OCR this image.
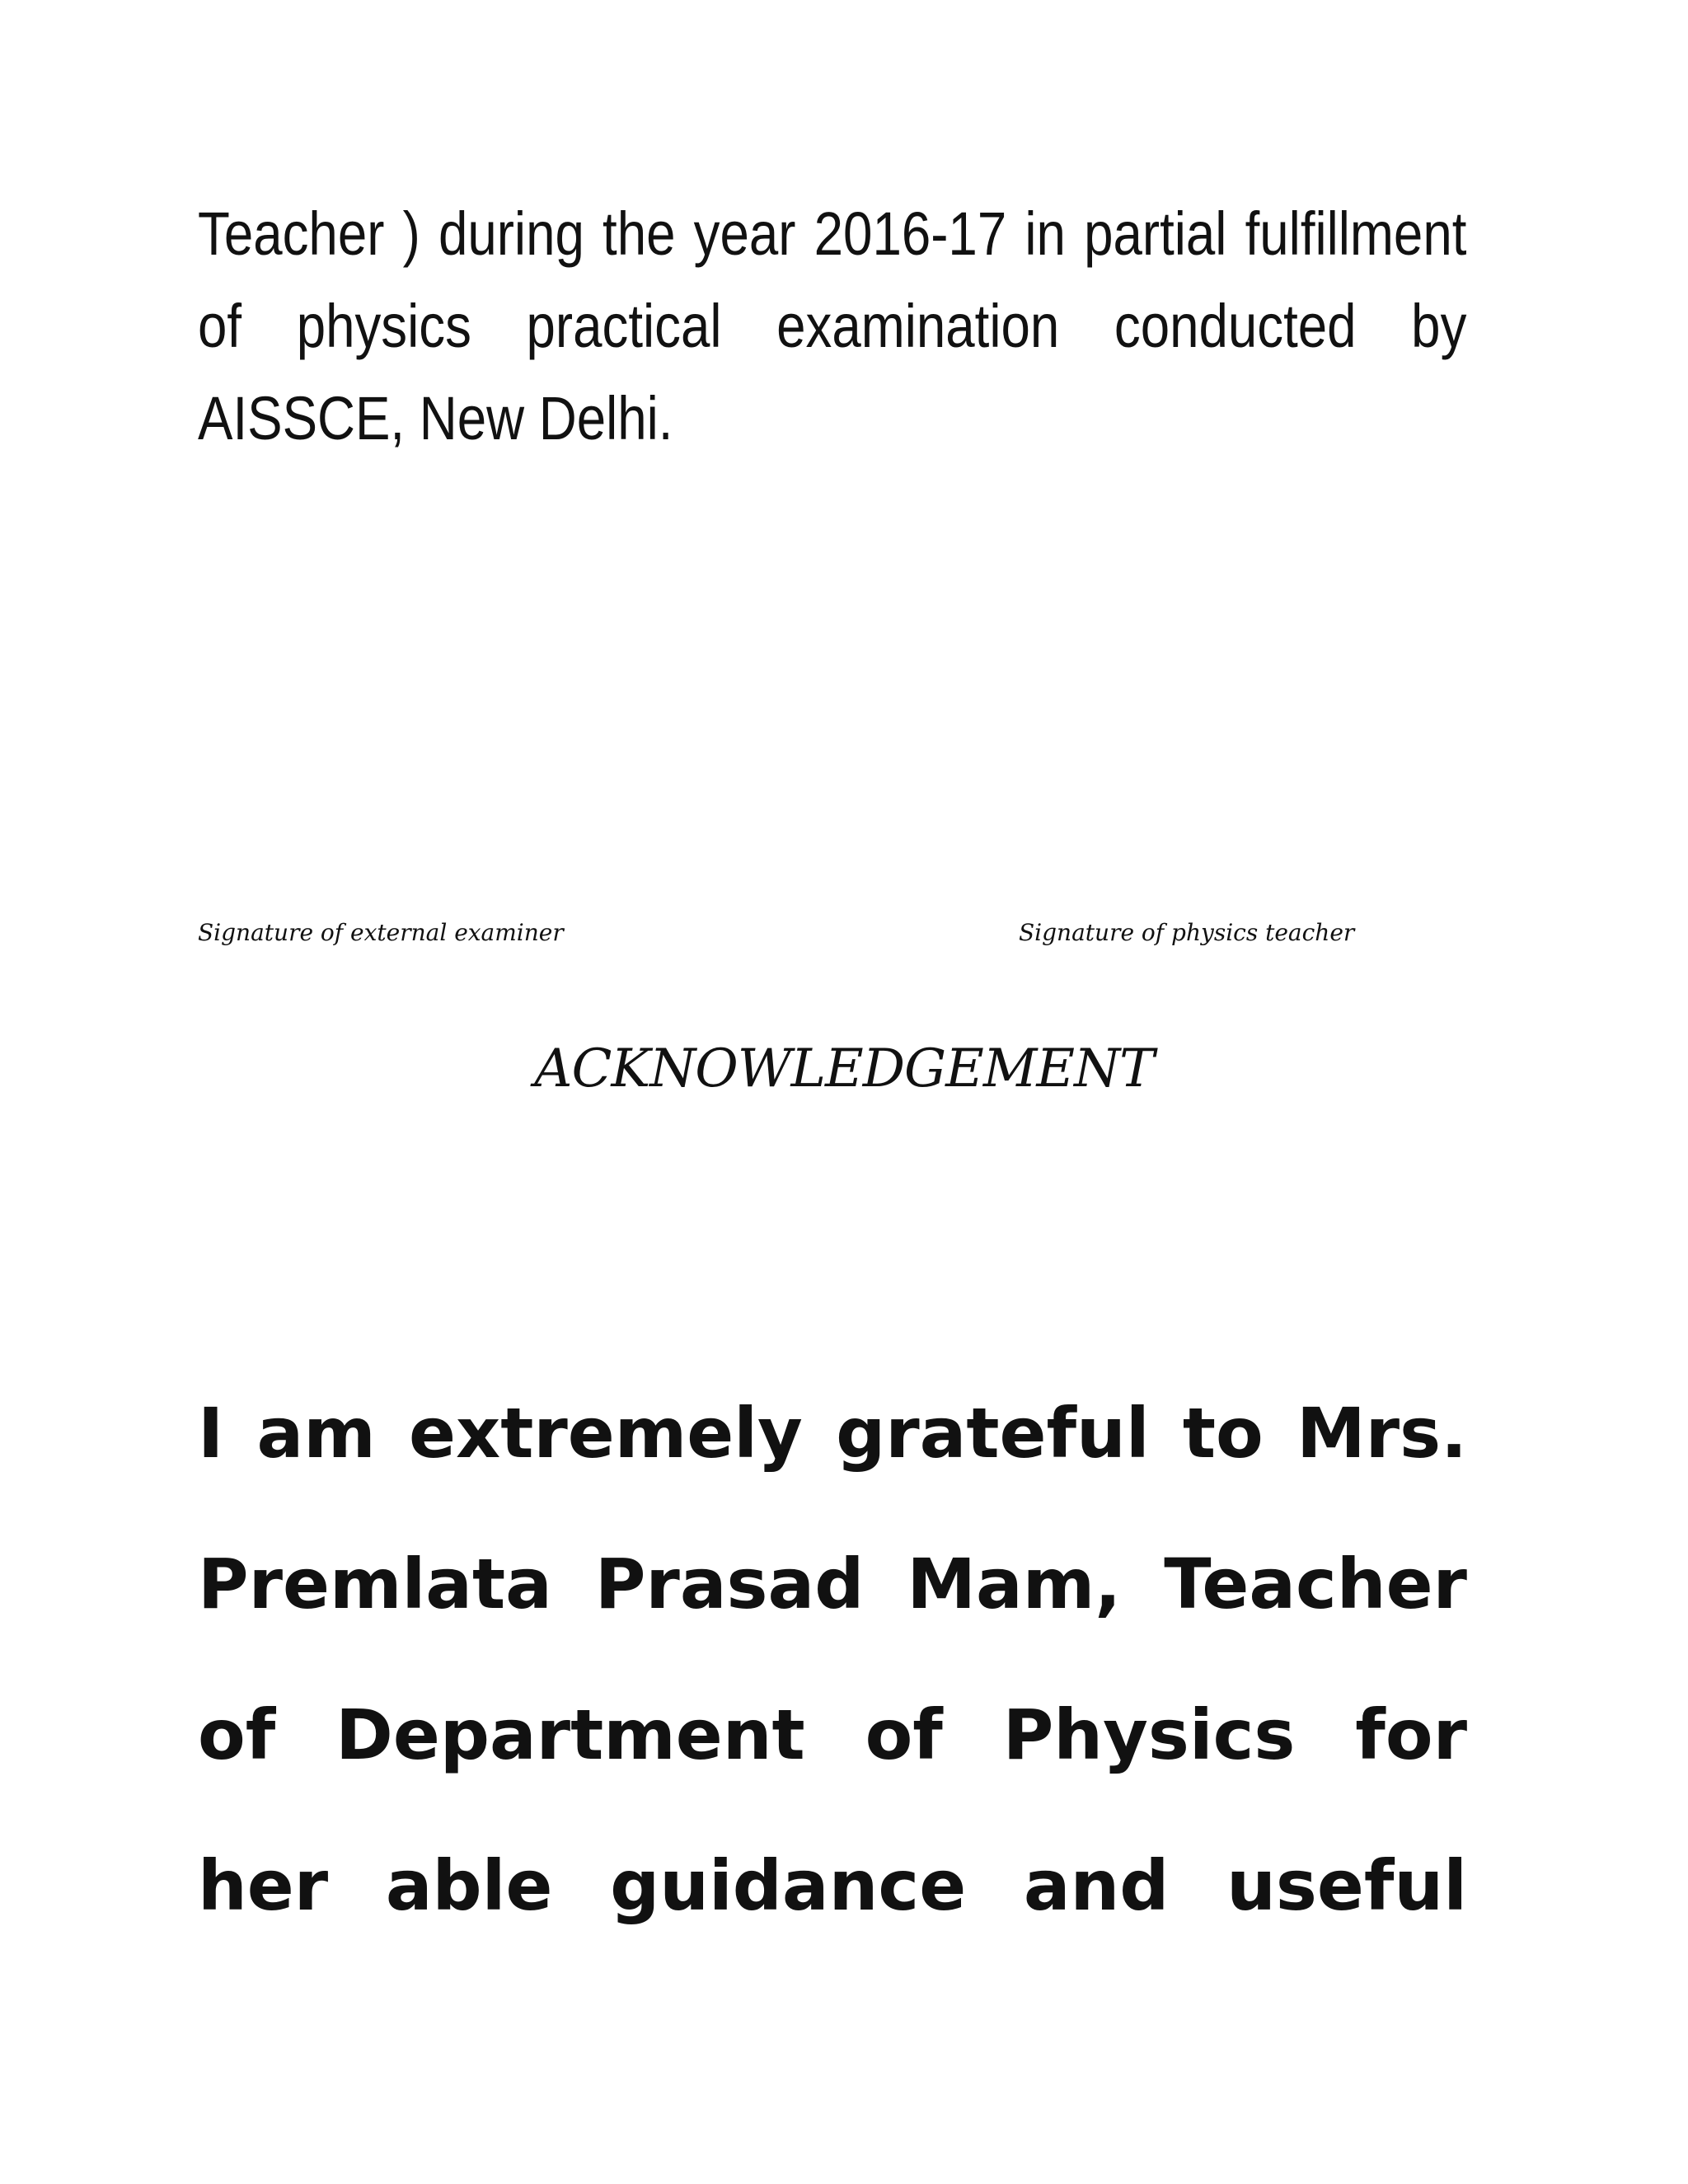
Teacher ) during the year 2016-17 in partial fulfillment of physics practical examination conducted by AISSCE, New Delhi.

Signature of external examiner	Signature of physics teacher
ACKNOWLEDGEMENT

I am extremely grateful to Mrs. Premlata Prasad Mam, Teacher of Department of Physics for her able guidance and useful
